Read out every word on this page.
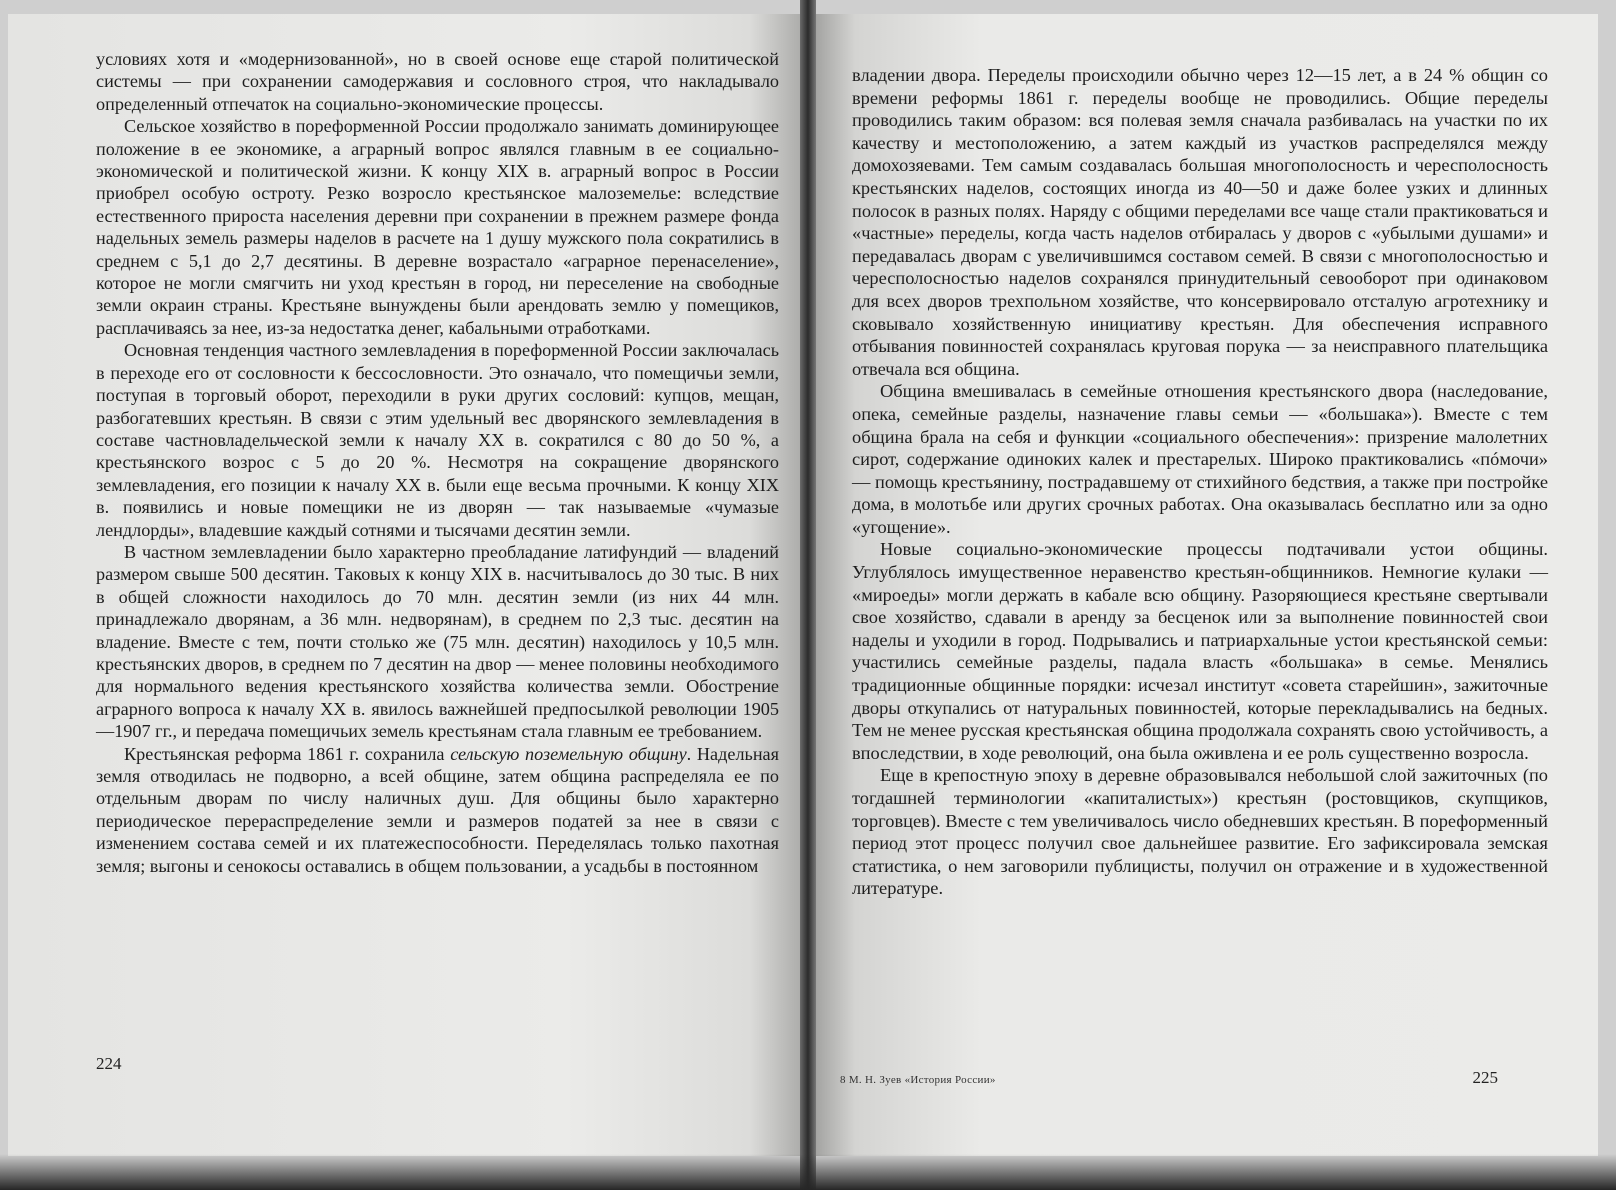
условиях хотя и «модернизованной», но в своей основе еще старой политической системы — при сохранении самодержавия и сословного строя, что накладывало определенный отпечаток на социально-экономические процессы.

Сельское хозяйство в пореформенной России продолжало занимать доминирующее положение в ее экономике, а аграрный вопрос являлся главным в ее социально-экономической и политической жизни. К концу XIX в. аграрный вопрос в России приобрел особую остроту. Резко возросло крестьянское малоземелье: вследствие естественного прироста населения деревни при сохранении в прежнем размере фонда надельных земель размеры наделов в расчете на 1 душу мужского пола сократились в среднем с 5,1 до 2,7 десятины. В деревне возрастало «аграрное перенаселение», которое не могли смягчить ни уход крестьян в город, ни переселение на свободные земли окраин страны. Крестьяне вынуждены были арендовать землю у помещиков, расплачиваясь за нее, из-за недостатка денег, кабальными отработками.

Основная тенденция частного землевладения в пореформенной России заключалась в переходе его от сословности к бессословности. Это означало, что помещичьи земли, поступая в торговый оборот, переходили в руки других сословий: купцов, мещан, разбогатевших крестьян. В связи с этим удельный вес дворянского землевладения в составе частновладельческой земли к началу XX в. сократился с 80 до 50 %, а крестьянского возрос с 5 до 20 %. Несмотря на сокращение дворянского землевладения, его позиции к началу XX в. были еще весьма прочными. К концу XIX в. появились и новые помещики не из дворян — так называемые «чумазые лендлорды», владевшие каждый сотнями и тысячами десятин земли.

В частном землевладении было характерно преобладание латифундий — владений размером свыше 500 десятин. Таковых к концу XIX в. насчитывалось до 30 тыс. В них в общей сложности находилось до 70 млн. десятин земли (из них 44 млн. принадлежало дворянам, а 36 млн. недворянам), в среднем по 2,3 тыс. десятин на владение. Вместе с тем, почти столько же (75 млн. десятин) находилось у 10,5 млн. крестьянских дворов, в среднем по 7 десятин на двор — менее половины необходимого для нормального ведения крестьянского хозяйства количества земли. Обострение аграрного вопроса к началу XX в. явилось важнейшей предпосылкой революции 1905—1907 гг., и передача помещичьих земель крестьянам стала главным ее требованием.

Крестьянская реформа 1861 г. сохранила сельскую поземельную общину. Надельная земля отводилась не подворно, а всей общине, затем община распределяла ее по отдельным дворам по числу наличных душ. Для общины было характерно периодическое перераспределение земли и размеров податей за нее в связи с изменением состава семей и их платежеспособности. Переделялась только пахотная земля; выгоны и сенокосы оставались в общем пользовании, а усадьбы в постоянном

224

владении двора. Переделы происходили обычно через 12—15 лет, а в 24 % общин со времени реформы 1861 г. переделы вообще не проводились. Общие переделы проводились таким образом: вся полевая земля сначала разбивалась на участки по их качеству и местоположению, а затем каждый из участков распределялся между домохозяевами. Тем самым создавалась большая многополосность и чересполосность крестьянских наделов, состоящих иногда из 40—50 и даже более узких и длинных полосок в разных полях. Наряду с общими переделами все чаще стали практиковаться и «частные» переделы, когда часть наделов отбиралась у дворов с «убылыми душами» и передавалась дворам с увеличившимся составом семей. В связи с многополосностью и чересполосностью наделов сохранялся принудительный севооборот при одинаковом для всех дворов трехпольном хозяйстве, что консервировало отсталую агротехнику и сковывало хозяйственную инициативу крестьян. Для обеспечения исправного отбывания повинностей сохранялась круговая порука — за неисправного плательщика отвечала вся община.

Община вмешивалась в семейные отношения крестьянского двора (наследование, опека, семейные разделы, назначение главы семьи — «большака»). Вместе с тем община брала на себя и функции «социального обеспечения»: призрение малолетних сирот, содержание одиноких калек и престарелых. Широко практиковались «пóмочи» — помощь крестьянину, пострадавшему от стихийного бедствия, а также при постройке дома, в молотьбе или других срочных работах. Она оказывалась бесплатно или за одно «угощение».

Новые социально-экономические процессы подтачивали устои общины. Углублялось имущественное неравенство крестьян-общинников. Немногие кулаки — «мироеды» могли держать в кабале всю общину. Разоряющиеся крестьяне свертывали свое хозяйство, сдавали в аренду за бесценок или за выполнение повинностей свои наделы и уходили в город. Подрывались и патриархальные устои крестьянской семьи: участились семейные разделы, падала власть «большака» в семье. Менялись традиционные общинные порядки: исчезал институт «совета старейшин», зажиточные дворы откупались от натуральных повинностей, которые перекладывались на бедных. Тем не менее русская крестьянская община продолжала сохранять свою устойчивость, а впоследствии, в ходе революций, она была оживлена и ее роль существенно возросла.

Еще в крепостную эпоху в деревне образовывался небольшой слой зажиточных (по тогдашней терминологии «капиталистых») крестьян (ростовщиков, скупщиков, торговцев). Вместе с тем увеличивалось число обедневших крестьян. В пореформенный период этот процесс получил свое дальнейшее развитие. Его зафиксировала земская статистика, о нем заговорили публицисты, получил он отражение и в художественной литературе.

8 М. Н. Зуев «История России»	225
